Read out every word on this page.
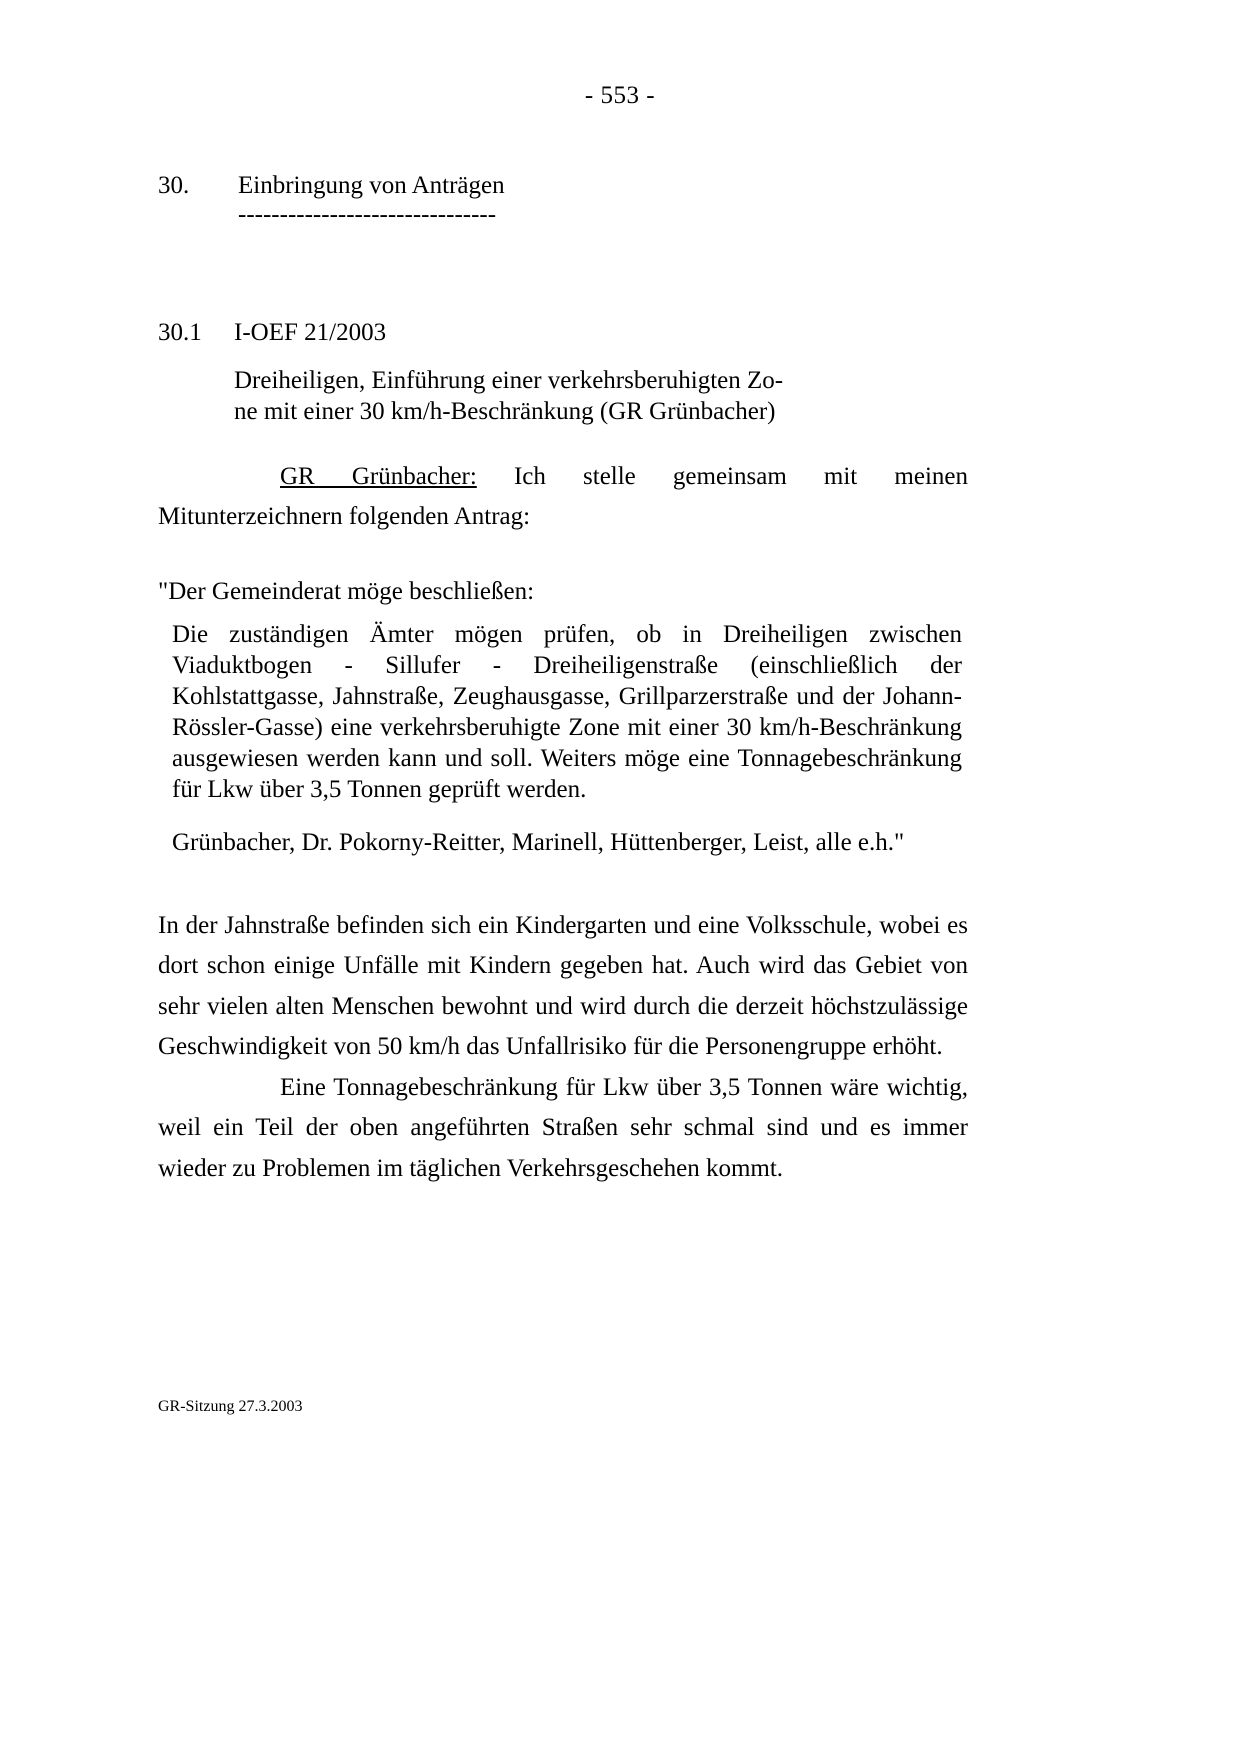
- 553 -
30.	Einbringung von Anträgen
-------------------------------
30.1	I-OEF 21/2003
Dreiheiligen, Einführung einer verkehrsberuhigten Zo-
ne mit einer 30 km/h-Beschränkung (GR Grünbacher)
GR Grünbacher: Ich stelle gemeinsam mit meinen Mitunterzeichnern folgenden Antrag:
"Der Gemeinderat möge beschließen:
Die zuständigen Ämter mögen prüfen, ob in Dreiheiligen zwischen Viaduktbogen - Sillufer - Dreiheiligenstraße (einschließlich der Kohlstattgasse, Jahnstraße, Zeughausgasse, Grillparzerstraße und der Johann-Rössler-Gasse) eine verkehrsberuhigte Zone mit einer 30 km/h-Beschränkung ausgewiesen werden kann und soll. Weiters möge eine Tonnagebeschränkung für Lkw über 3,5 Tonnen geprüft werden.
Grünbacher, Dr. Pokorny-Reitter, Marinell, Hüttenberger, Leist, alle e.h."

In der Jahnstraße befinden sich ein Kindergarten und eine Volksschule, wobei es dort schon einige Unfälle mit Kindern gegeben hat. Auch wird das Gebiet von sehr vielen alten Menschen bewohnt und wird durch die derzeit höchstzulässige Geschwindigkeit von 50 km/h das Unfallrisiko für die Personengruppe erhöht.

Eine Tonnagebeschränkung für Lkw über 3,5 Tonnen wäre wichtig, weil ein Teil der oben angeführten Straßen sehr schmal sind und es immer wieder zu Problemen im täglichen Verkehrsgeschehen kommt.

GR-Sitzung 27.3.2003
